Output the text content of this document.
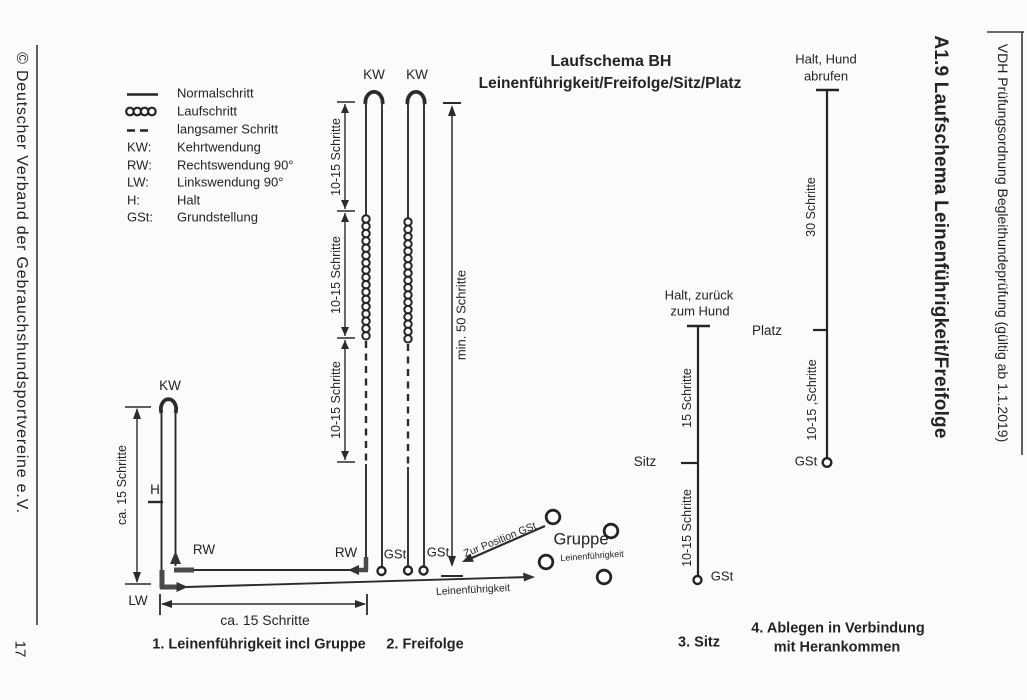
© Deutscher Verband der Gebrauchshundsportvereine e.V.
17
A1.9 Laufschema Leinenführigkeit/Freifolge	VDH Prüfungsordnung Begleithundeprüfung (gültig ab 1.1.2019)
Laufschema BH
Leinenführigkeit/Freifolge/Sitz/Platz
Normalschritt
Laufschritt
langsamer Schritt
KW: Kehrtwendung
RW: Rechtswendung 90°
LW: Linkswendung 90°
H:	Halt
GSt: Grundstellung
KW
H
RW
LW
ca. 15 Schritte
ca. 15 Schritte
1. Leinenführigkeit incl Gruppe
KW KW
RW GSt GSt
10-15 Schritte
10-15 Schritte
10-15 Schritte
min. 50 Schritte
2. Freifolge
Zur Position GSt Gruppe
Leinenführigkeit
Leinenführigkeit
Halt, zurück
zum Hund
15 Schritte
Sitz
10-15 Schritte
GSt
3. Sitz
Halt, Hund
abrufen
30 Schritte
Platz
10-15 ,Schritte
GSt
4. Ablegen in Verbindung
mit Herankommen
